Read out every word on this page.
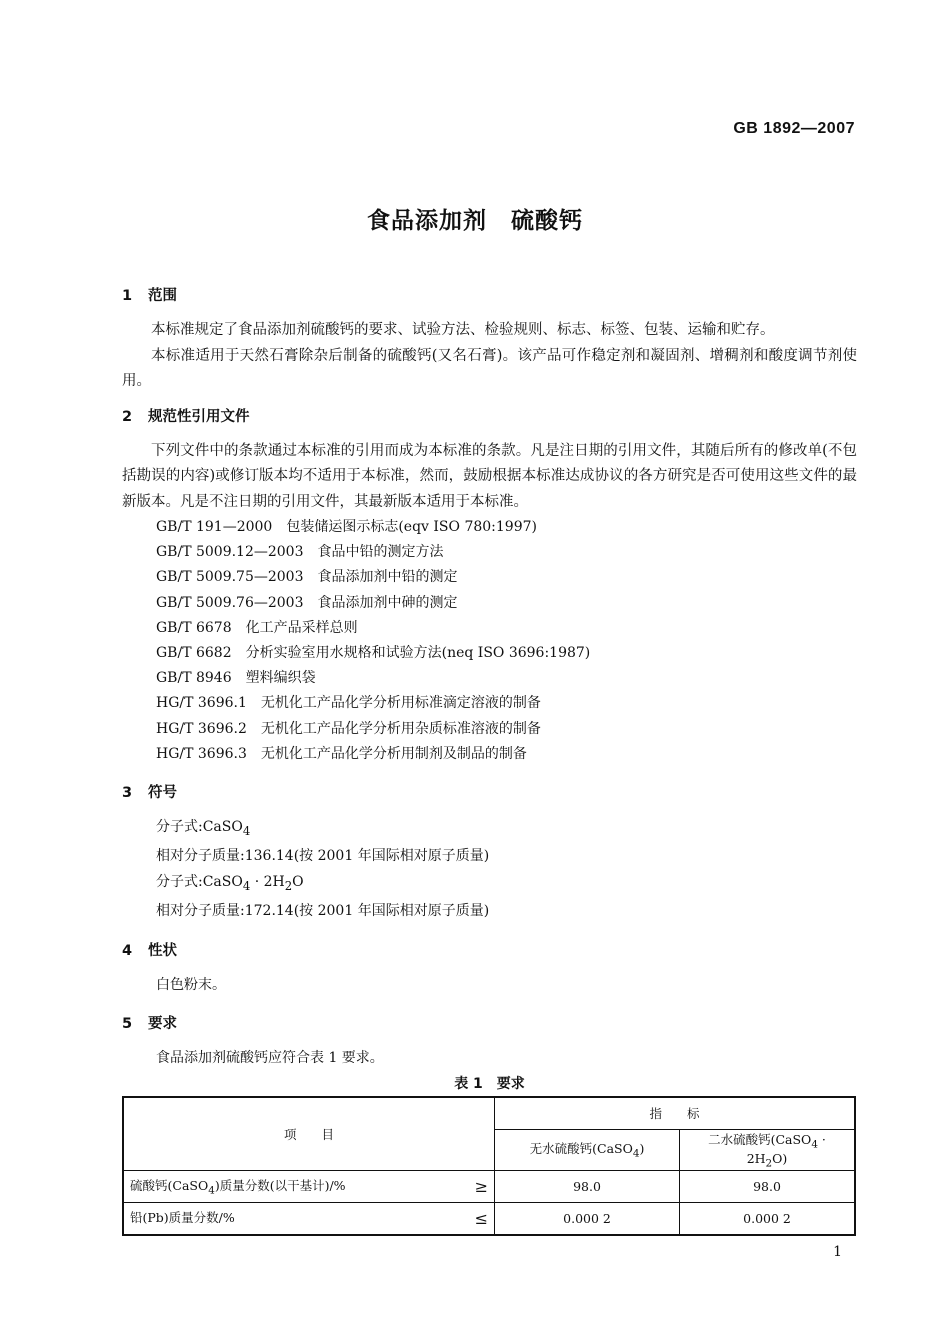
GB 1892—2007
食品添加剂　硫酸钙
1 范围

本标准规定了食品添加剂硫酸钙的要求、试验方法、检验规则、标志、标签、包装、运输和贮存。

本标准适用于天然石膏除杂后制备的硫酸钙(又名石膏)。该产品可作稳定剂和凝固剂、增稠剂和酸度调节剂使用。

2 规范性引用文件

下列文件中的条款通过本标准的引用而成为本标准的条款。凡是注日期的引用文件，其随后所有的修改单(不包括勘误的内容)或修订版本均不适用于本标准，然而，鼓励根据本标准达成协议的各方研究是否可使用这些文件的最新版本。凡是不注日期的引用文件，其最新版本适用于本标准。

GB/T 191—2000 包装储运图示标志(eqv ISO 780:1997)

GB/T 5009.12—2003 食品中铅的测定方法

GB/T 5009.75—2003 食品添加剂中铅的测定

GB/T 5009.76—2003 食品添加剂中砷的测定

GB/T 6678 化工产品采样总则

GB/T 6682 分析实验室用水规格和试验方法(neq ISO 3696:1987)

GB/T 8946 塑料编织袋

HG/T 3696.1 无机化工产品化学分析用标准滴定溶液的制备

HG/T 3696.2 无机化工产品化学分析用杂质标准溶液的制备

HG/T 3696.3 无机化工产品化学分析用制剂及制品的制备

3 符号

分子式:CaSO$_4$

相对分子质量:136.14(按 2001 年国际相对原子质量)

分子式:CaSO$_4$ · $2H_2O$

相对分子质量:172.14(按 2001 年国际相对原子质量)

4 性状

白色粉末。

5 要求

食品添加剂硫酸钙应符合表 1 要求。

表 1　要求

项　　目		指　　标	
		无水硫酸钙(CaSO$_4$)	二水硫酸钙(CaSO$_4$ · $2H_2O$)
硫酸钙(CaSO$_4$)质量分数(以干基计)/%	≥	98.0	98.0
铅(Pb)质量分数/%	≤	0.000 2	0.000 2
1
